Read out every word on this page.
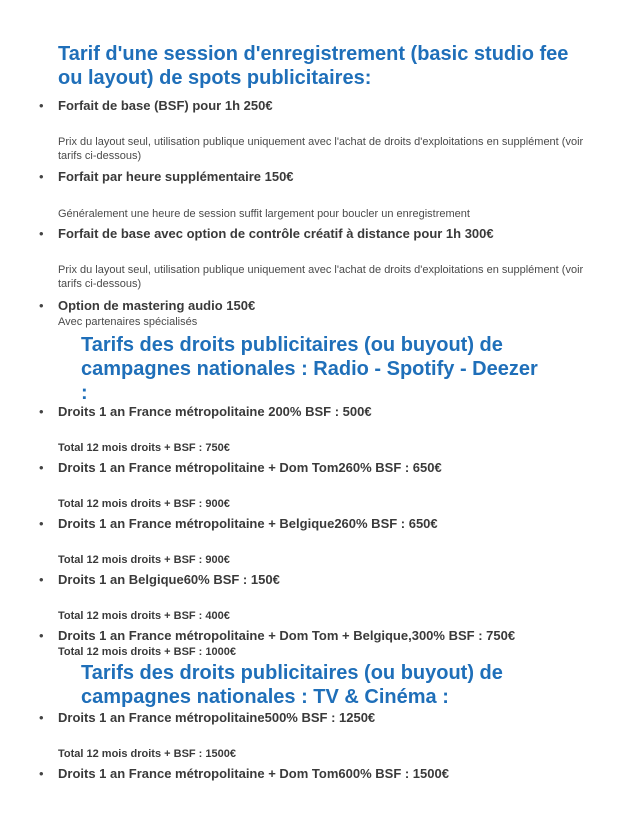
Tarif d'une session d'enregistrement (basic studio fee ou layout) de spots publicitaires:
• Forfait de base (BSF) pour 1h 250€
Prix du layout seul, utilisation publique uniquement avec l'achat de droits d'exploitations en supplément (voir tarifs ci-dessous)
• Forfait par heure supplémentaire 150€
Généralement une heure de session suffit largement pour boucler un enregistrement
• Forfait de base avec option de contrôle créatif à distance pour 1h 300€
Prix du layout seul, utilisation publique uniquement avec l'achat de droits d'exploitations en supplément (voir tarifs ci-dessous)
• Option de mastering audio 150€
Avec partenaires spécialisés
Tarifs des droits publicitaires (ou buyout) de campagnes nationales : Radio - Spotify - Deezer :
• Droits 1 an France métropolitaine 200% BSF : 500€
Total 12 mois droits + BSF : 750€
• Droits 1 an France métropolitaine + Dom Tom260% BSF : 650€
Total 12 mois droits + BSF : 900€
• Droits 1 an France métropolitaine + Belgique260% BSF : 650€
Total 12 mois droits + BSF : 900€
• Droits 1 an Belgique60% BSF : 150€
Total 12 mois droits + BSF : 400€
• Droits 1 an France métropolitaine + Dom Tom + Belgique,300% BSF : 750€
Total 12 mois droits + BSF : 1000€
Tarifs des droits publicitaires (ou buyout) de campagnes nationales : TV & Cinéma :
• Droits 1 an France métropolitaine500% BSF : 1250€
Total 12 mois droits + BSF : 1500€
• Droits 1 an France métropolitaine + Dom Tom600% BSF : 1500€
